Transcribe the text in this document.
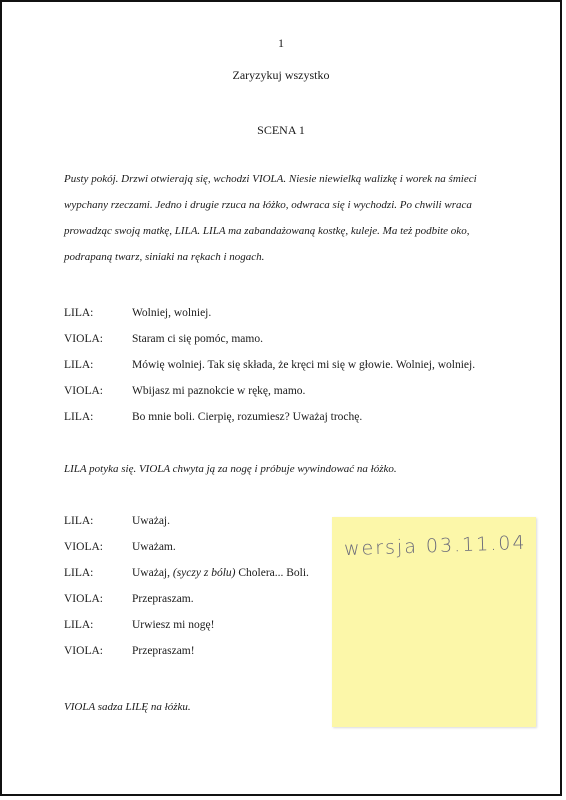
1
Zaryzykuj wszystko
SCENA 1
Pusty pokój. Drzwi otwierają się, wchodzi VIOLA. Niesie niewielką walizkę i worek na śmieci
wypchany rzeczami. Jedno i drugie rzuca na łóżko, odwraca się i wychodzi. Po chwili wraca
prowadząc swoją matkę, LILA. LILA ma zabandażowaną kostkę, kuleje. Ma też podbite oko,
podrapaną twarz, siniaki na rękach i nogach.
LILA:	Wolniej, wolniej.
VIOLA:	Staram ci się pomóc, mamo.
LILA:	Mówię wolniej. Tak się składa, że kręci mi się w głowie. Wolniej, wolniej.
VIOLA:	Wbijasz mi paznokcie w rękę, mamo.
LILA:	Bo mnie boli. Cierpię, rozumiesz? Uważaj trochę.
LILA potyka się. VIOLA chwyta ją za nogę i próbuje wywindować na łóżko.
LILA:	Uważaj.
VIOLA:	Uważam.
LILA:	Uważaj, (syczy z bólu) Cholera... Boli.
VIOLA:	Przepraszam.
LILA:	Urwiesz mi nogę!
VIOLA:	Przepraszam!
VIOLA sadza LILĘ na łóżku.
wersja 03.11.04
